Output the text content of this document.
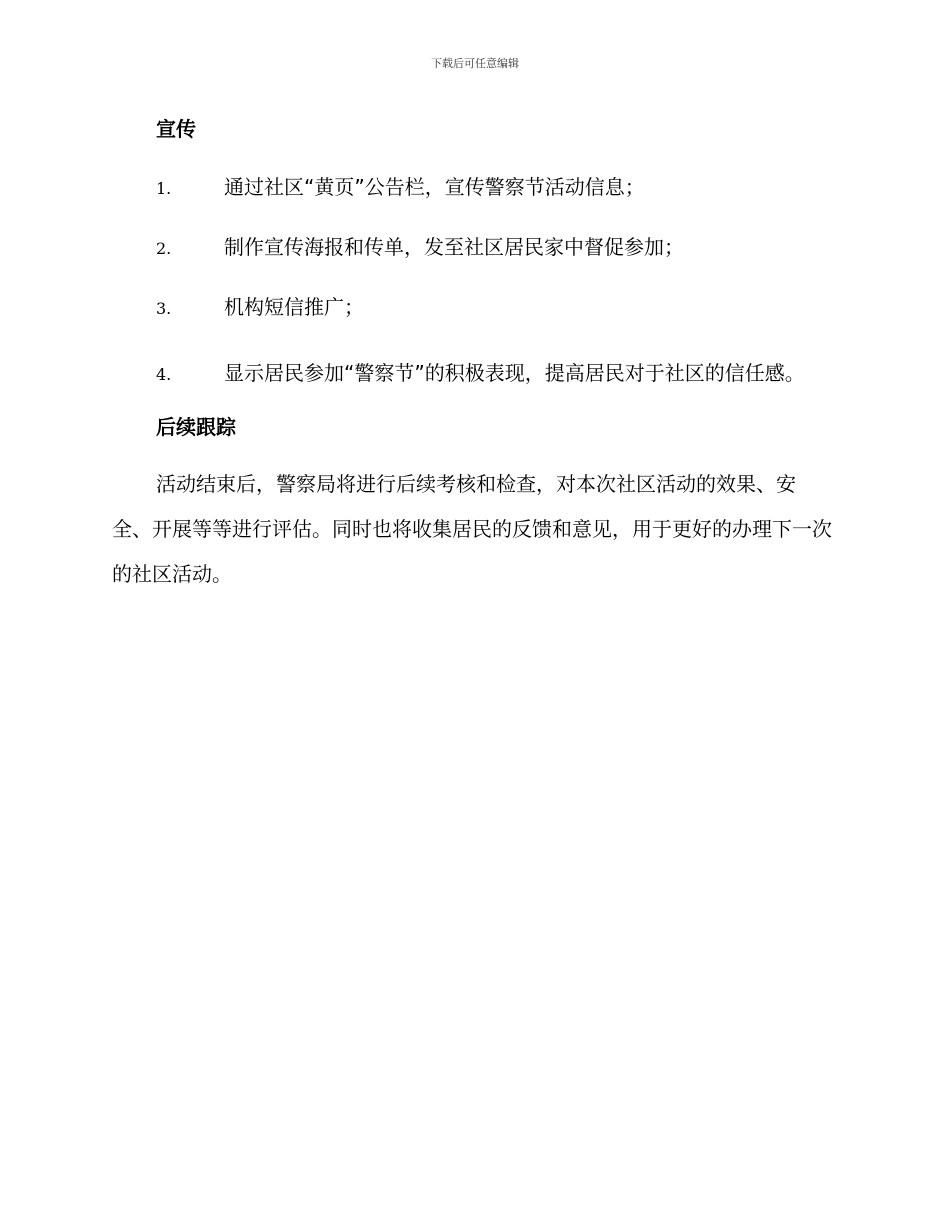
下载后可任意编辑
宣传
1.	通过社区“黄页”公告栏，宣传警察节活动信息；
2.	制作宣传海报和传单，发至社区居民家中督促参加；
3.	机构短信推广；
4.	显示居民参加“警察节”的积极表现，提高居民对于社区的信任感。
后续跟踪

活动结束后，警察局将进行后续考核和检查，对本次社区活动的效果、安全、开展等等进行评估。同时也将收集居民的反馈和意见，用于更好的办理下一次的社区活动。
